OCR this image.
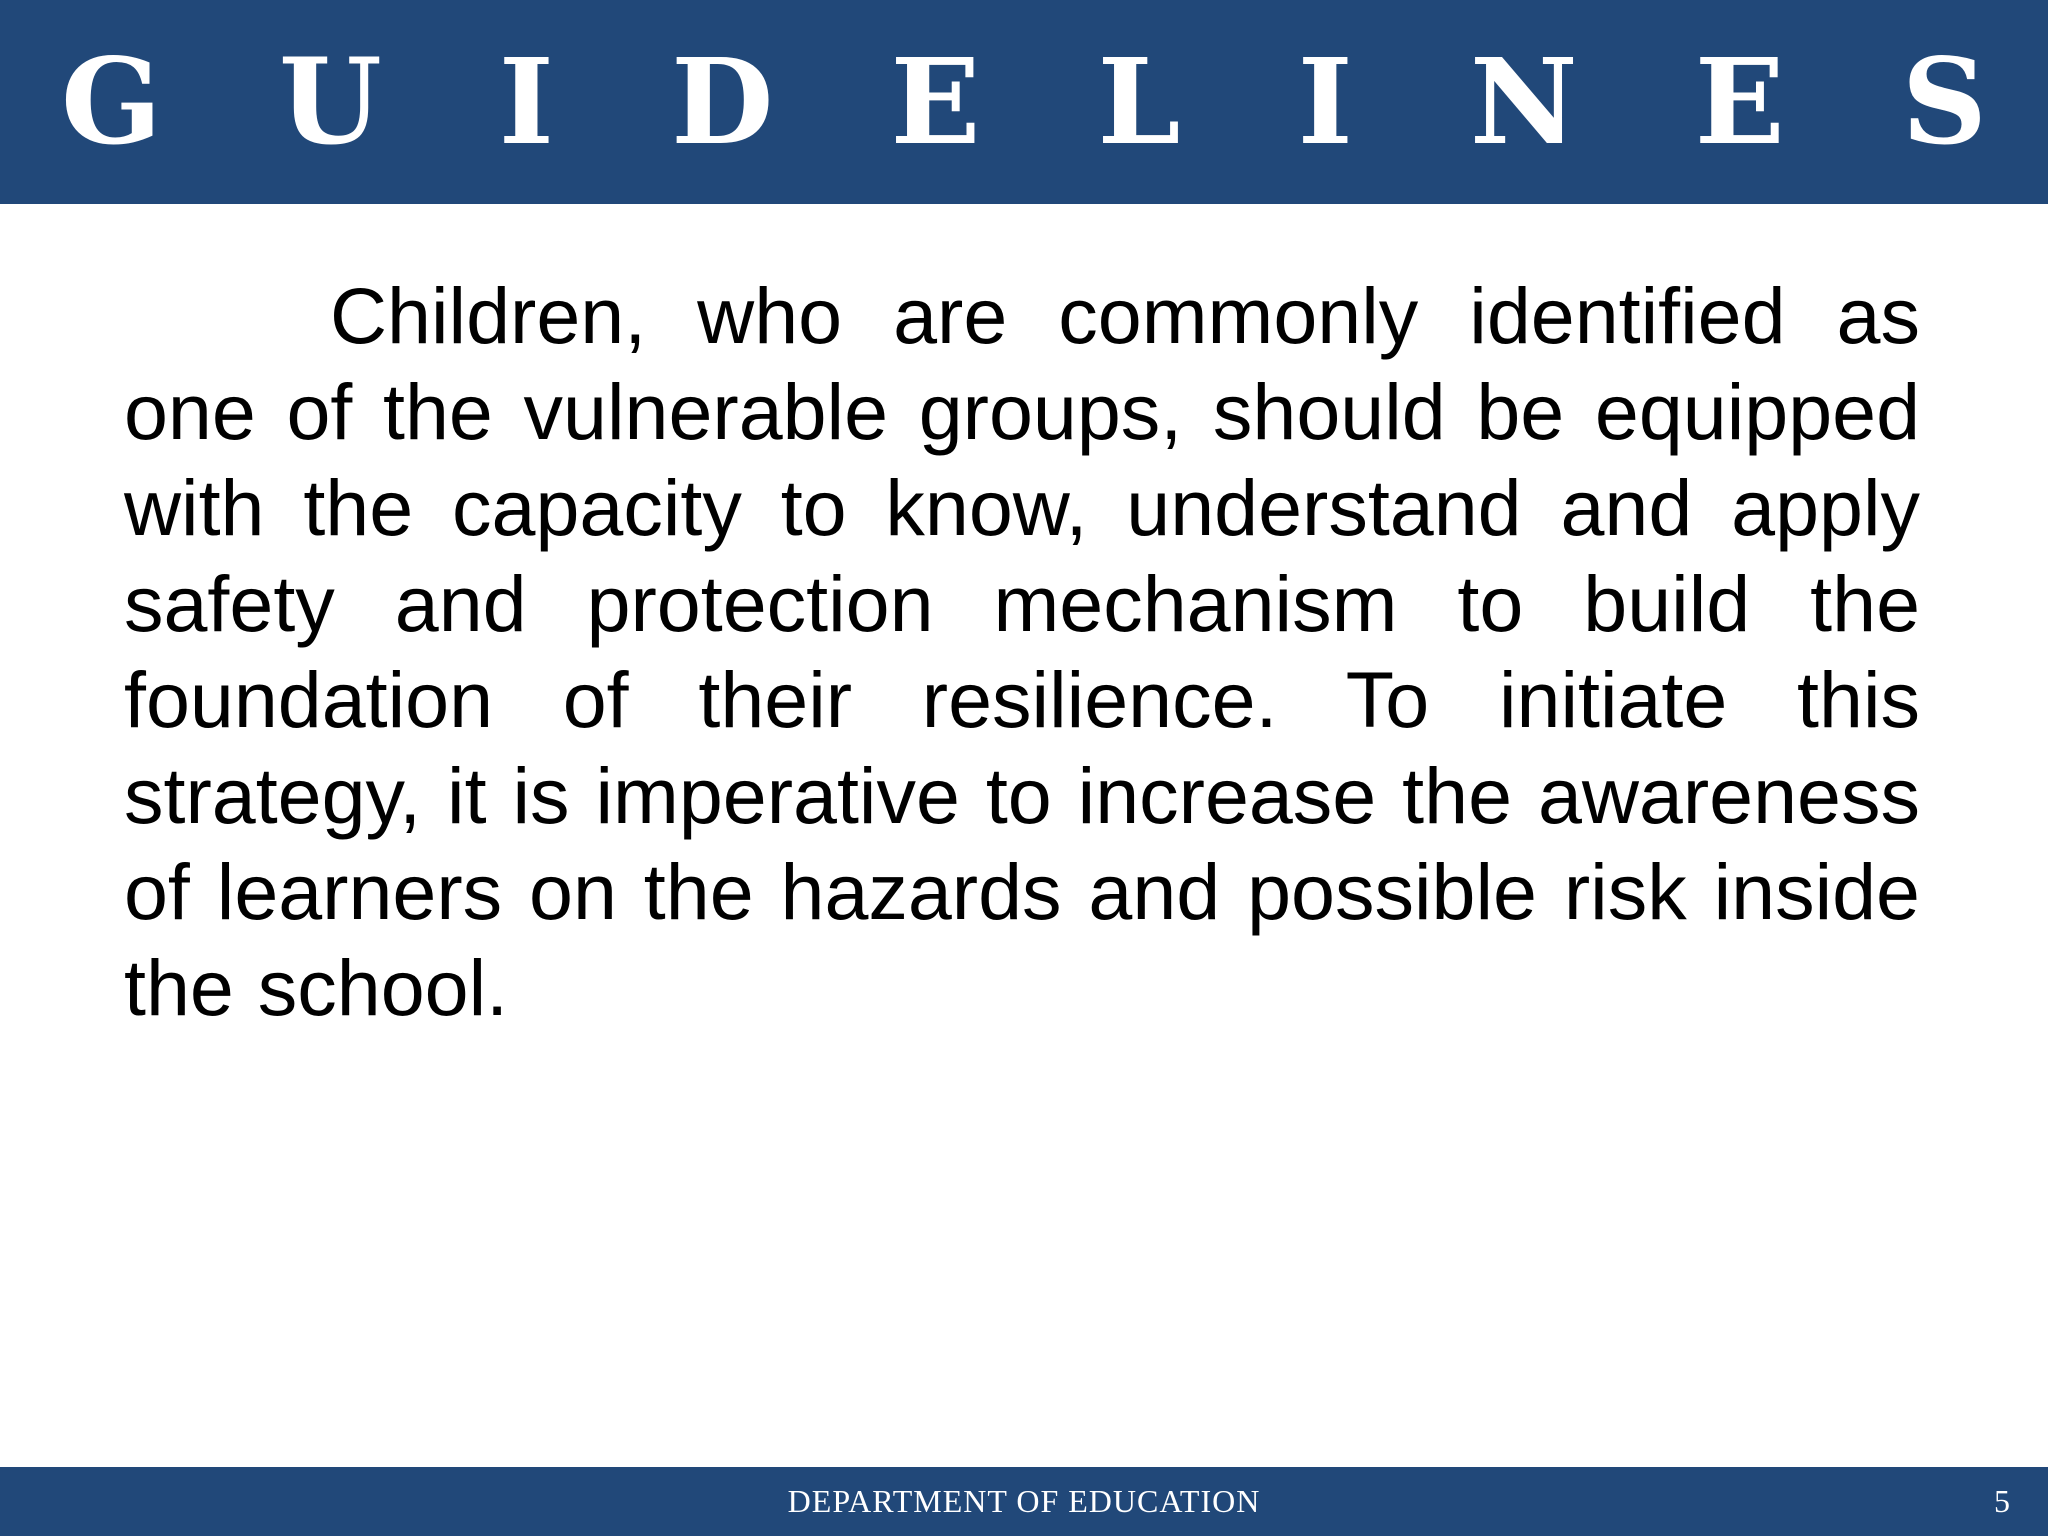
G U I D E L I N E S

Children, who are commonly identified as one of the vulnerable groups, should be equipped with the capacity to know, understand and apply safety and protection mechanism to build the foundation of their resilience. To initiate this strategy, it is imperative to increase the awareness of learners on the hazards and possible risk inside the school.

DEPARTMENT OF EDUCATION	5
